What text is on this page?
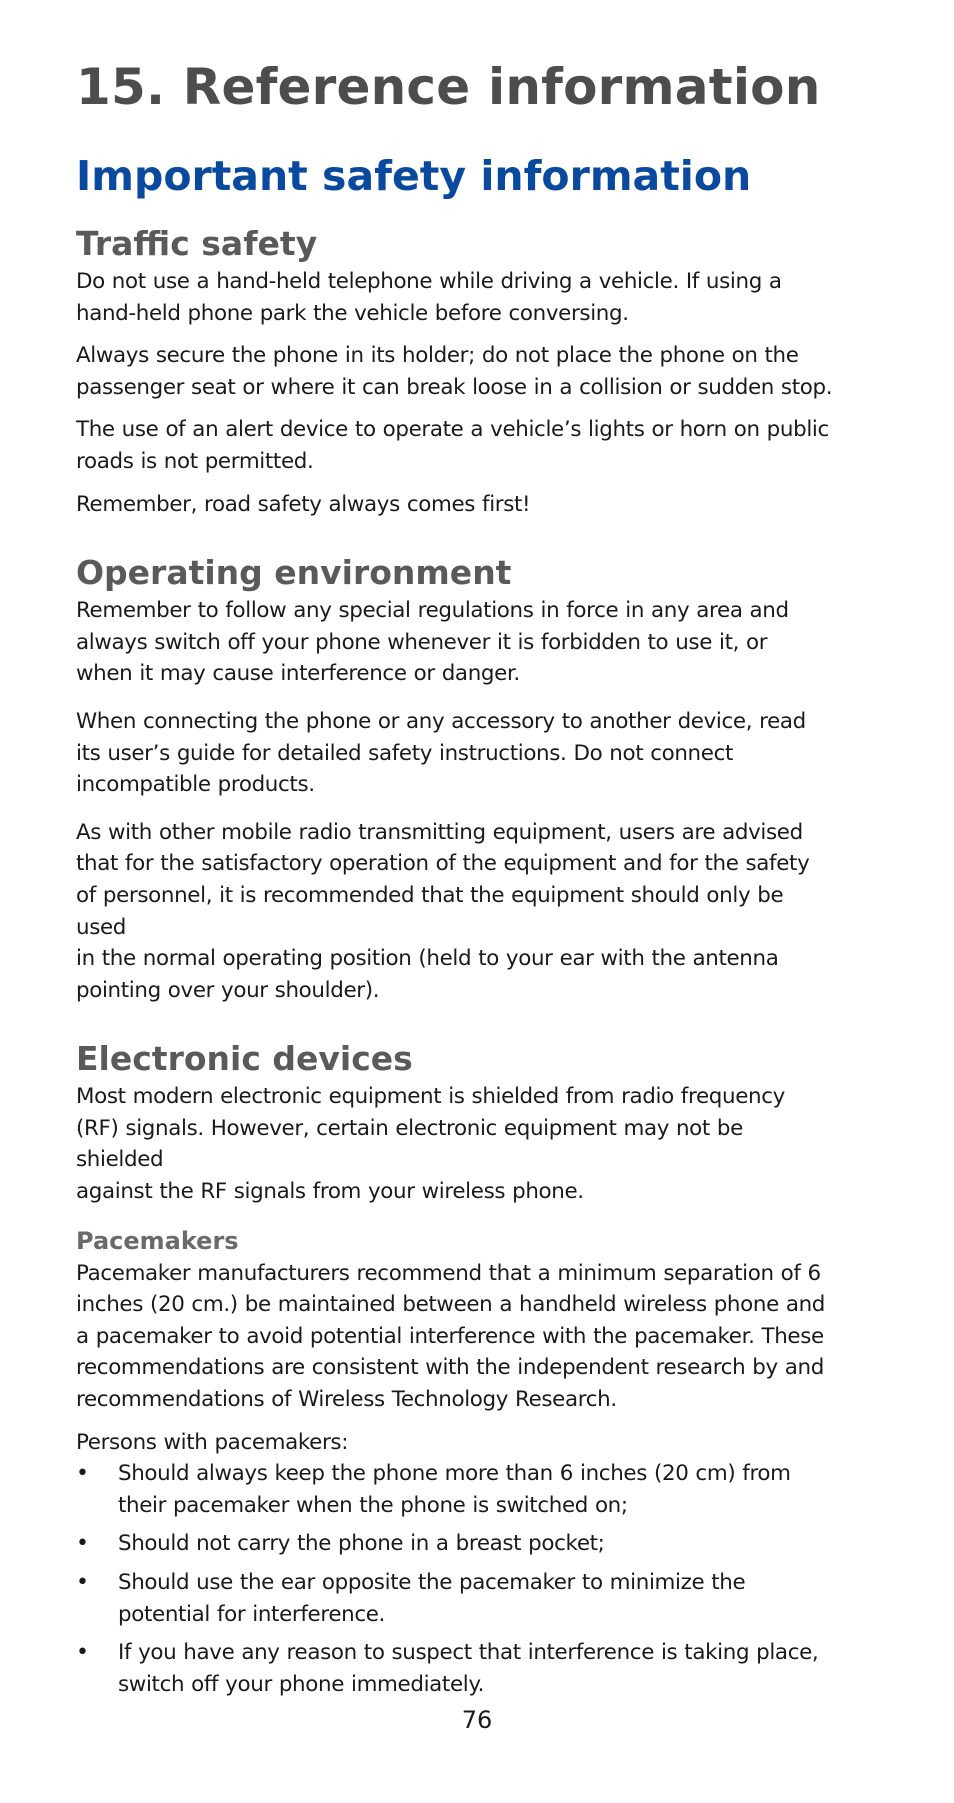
15. Reference information
Important safety information
Traffic safety

Do not use a hand-held telephone while driving a vehicle. If using a
hand-held phone park the vehicle before conversing.

Always secure the phone in its holder; do not place the phone on the
passenger seat or where it can break loose in a collision or sudden stop.

The use of an alert device to operate a vehicle’s lights or horn on public
roads is not permitted.

Remember, road safety always comes first!

Operating environment

Remember to follow any special regulations in force in any area and
always switch off your phone whenever it is forbidden to use it, or
when it may cause interference or danger.

When connecting the phone or any accessory to another device, read
its user’s guide for detailed safety instructions. Do not connect
incompatible products.

As with other mobile radio transmitting equipment, users are advised
that for the satisfactory operation of the equipment and for the safety
of personnel, it is recommended that the equipment should only be used
in the normal operating position (held to your ear with the antenna
pointing over your shoulder).

Electronic devices

Most modern electronic equipment is shielded from radio frequency
(RF) signals. However, certain electronic equipment may not be shielded
against the RF signals from your wireless phone.

Pacemakers

Pacemaker manufacturers recommend that a minimum separation of 6
inches (20 cm.) be maintained between a handheld wireless phone and
a pacemaker to avoid potential interference with the pacemaker. These
recommendations are consistent with the independent research by and
recommendations of Wireless Technology Research.

Persons with pacemakers:

• Should always keep the phone more than 6 inches (20 cm) from
their pacemaker when the phone is switched on;

• Should not carry the phone in a breast pocket;

• Should use the ear opposite the pacemaker to minimize the
potential for interference.

• If you have any reason to suspect that interference is taking place,
switch off your phone immediately.

76
